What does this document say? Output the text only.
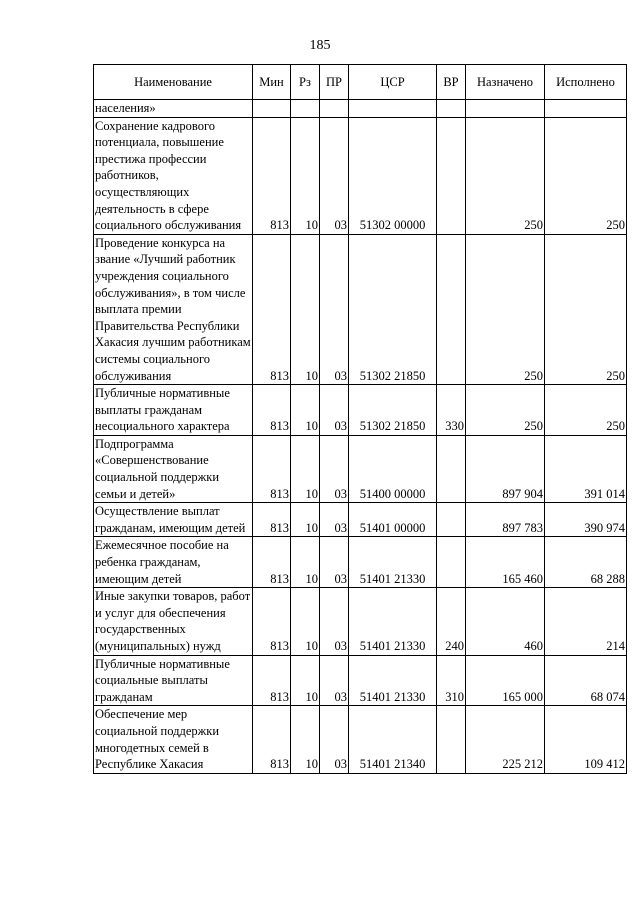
185
Наименование	Мин	Рз	ПР	ЦСР	ВР	Назначено	Исполнено
населения»							
Сохранение кадрового потенциала, повышение престижа профессии работников, осуществляющих деятельность в сфере социального обслуживания	813	10	03	51302 00000		250	250
Проведение конкурса на звание «Лучший работник учреждения социального обслуживания», в том числе выплата премии Правительства Республики Хакасия лучшим работникам системы социального обслуживания	813	10	03	51302 21850		250	250
Публичные нормативные выплаты гражданам несоциального характера	813	10	03	51302 21850	330	250	250
Подпрограмма «Совершенствование социальной поддержки семьи и детей»	813	10	03	51400 00000		897 904	391 014
Осуществление выплат гражданам, имеющим детей	813	10	03	51401 00000		897 783	390 974
Ежемесячное пособие на ребенка гражданам, имеющим детей	813	10	03	51401 21330		165 460	68 288
Иные закупки товаров, работ и услуг для обеспечения государственных (муниципальных) нужд	813	10	03	51401 21330	240	460	214
Публичные нормативные социальные выплаты гражданам	813	10	03	51401 21330	310	165 000	68 074
Обеспечение мер социальной поддержки многодетных семей в Республике Хакасия	813	10	03	51401 21340		225 212	109 412
